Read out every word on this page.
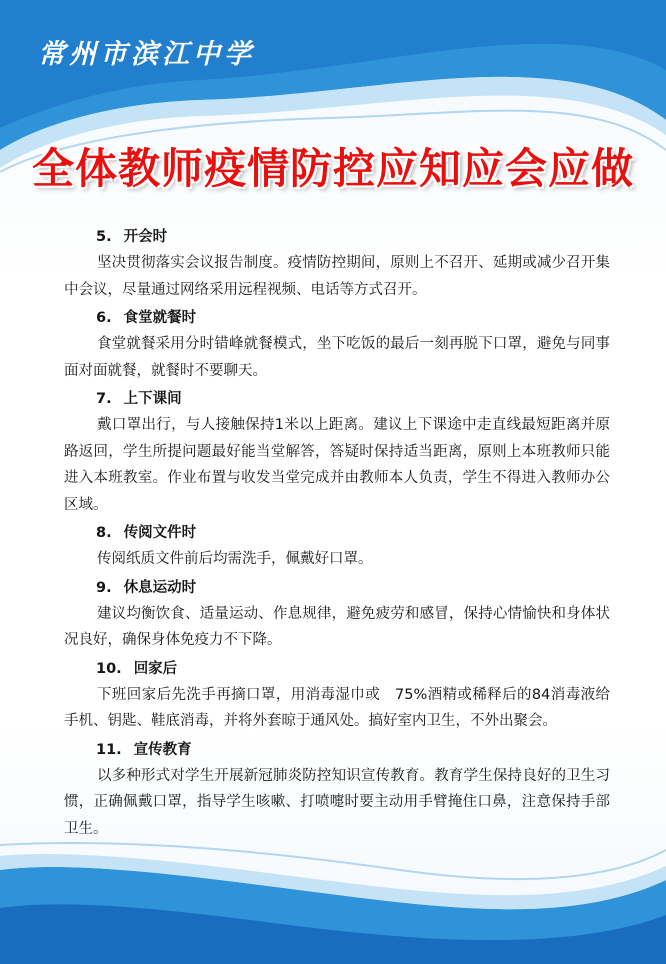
常州市滨江中学
全体教师疫情防控应知应会应做
5. 开会时

坚决贯彻落实会议报告制度。疫情防控期间，原则上不召开、延期或减少召开集中会议，尽量通过网络采用远程视频、电话等方式召开。

6. 食堂就餐时

食堂就餐采用分时错峰就餐模式，坐下吃饭的最后一刻再脱下口罩，避免与同事面对面就餐，就餐时不要聊天。

7. 上下课间

戴口罩出行，与人接触保持1米以上距离。建议上下课途中走直线最短距离并原路返回，学生所提问题最好能当堂解答，答疑时保持适当距离，原则上本班教师只能进入本班教室。作业布置与收发当堂完成并由教师本人负责，学生不得进入教师办公区域。

8. 传阅文件时

传阅纸质文件前后均需洗手，佩戴好口罩。

9. 休息运动时

建议均衡饮食、适量运动、作息规律，避免疲劳和感冒，保持心情愉快和身体状况良好，确保身体免疫力不下降。

10. 回家后

下班回家后先洗手再摘口罩，用消毒湿巾或　75%酒精或稀释后的84消毒液给手机、钥匙、鞋底消毒，并将外套晾于通风处。搞好室内卫生，不外出聚会。

11. 宣传教育

以多种形式对学生开展新冠肺炎防控知识宣传教育。教育学生保持良好的卫生习惯，正确佩戴口罩，指导学生咳嗽、打喷嚏时要主动用手臂掩住口鼻，注意保持手部卫生。
